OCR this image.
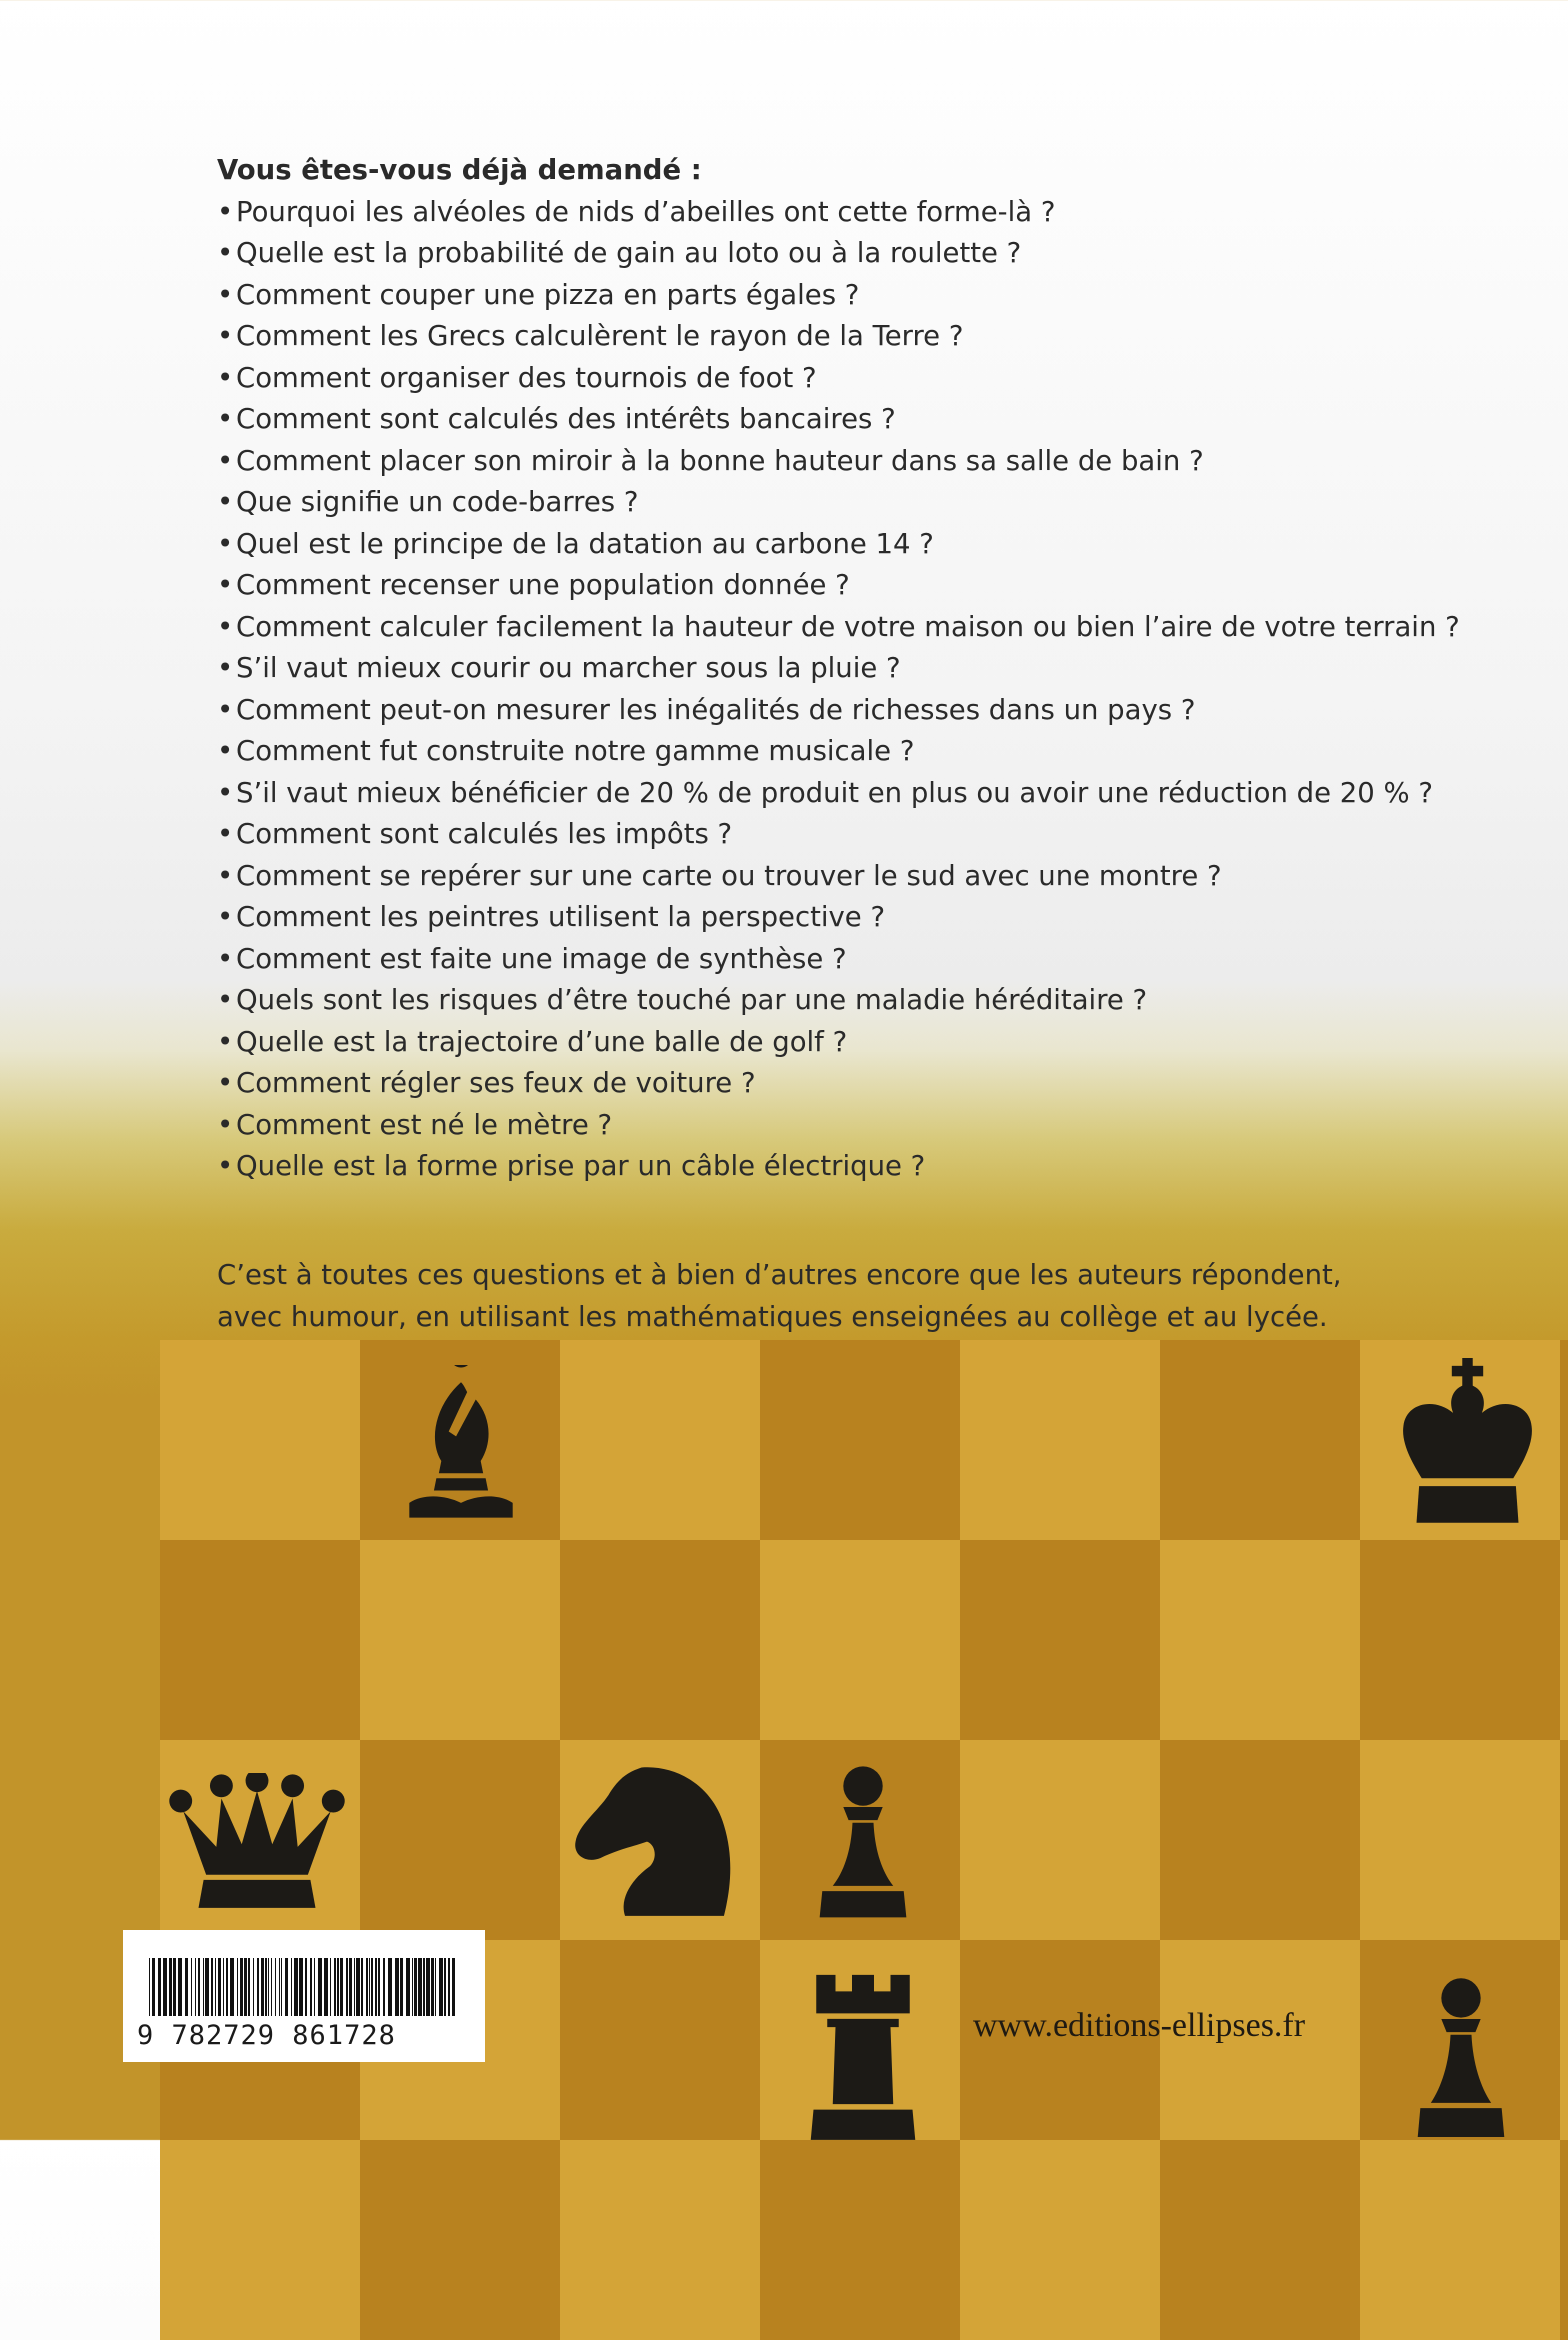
Vous êtes-vous déjà demandé :

• Pourquoi les alvéoles de nids d’abeilles ont cette forme-là ?
• Quelle est la probabilité de gain au loto ou à la roulette ?
• Comment couper une pizza en parts égales ?
• Comment les Grecs calculèrent le rayon de la Terre ?
• Comment organiser des tournois de foot ?
• Comment sont calculés des intérêts bancaires ?
• Comment placer son miroir à la bonne hauteur dans sa salle de bain ?
• Que signifie un code-barres ?
• Quel est le principe de la datation au carbone 14 ?
• Comment recenser une population donnée ?
• Comment calculer facilement la hauteur de votre maison ou bien l’aire de votre terrain ?
• S’il vaut mieux courir ou marcher sous la pluie ?
• Comment peut-on mesurer les inégalités de richesses dans un pays ?
• Comment fut construite notre gamme musicale ?
• S’il vaut mieux bénéficier de 20 % de produit en plus ou avoir une réduction de 20 % ?
• Comment sont calculés les impôts ?
• Comment se repérer sur une carte ou trouver le sud avec une montre ?
• Comment les peintres utilisent la perspective ?
• Comment est faite une image de synthèse ?
• Quels sont les risques d’être touché par une maladie héréditaire ?
• Quelle est la trajectoire d’une balle de golf ?
• Comment régler ses feux de voiture ?
• Comment est né le mètre ?
• Quelle est la forme prise par un câble électrique ?

C’est à toutes ces questions et à bien d’autres encore que les auteurs répondent, avec humour, en utilisant les mathématiques enseignées au collège et au lycée.

9 782729 861728	www.editions-ellipses.fr
